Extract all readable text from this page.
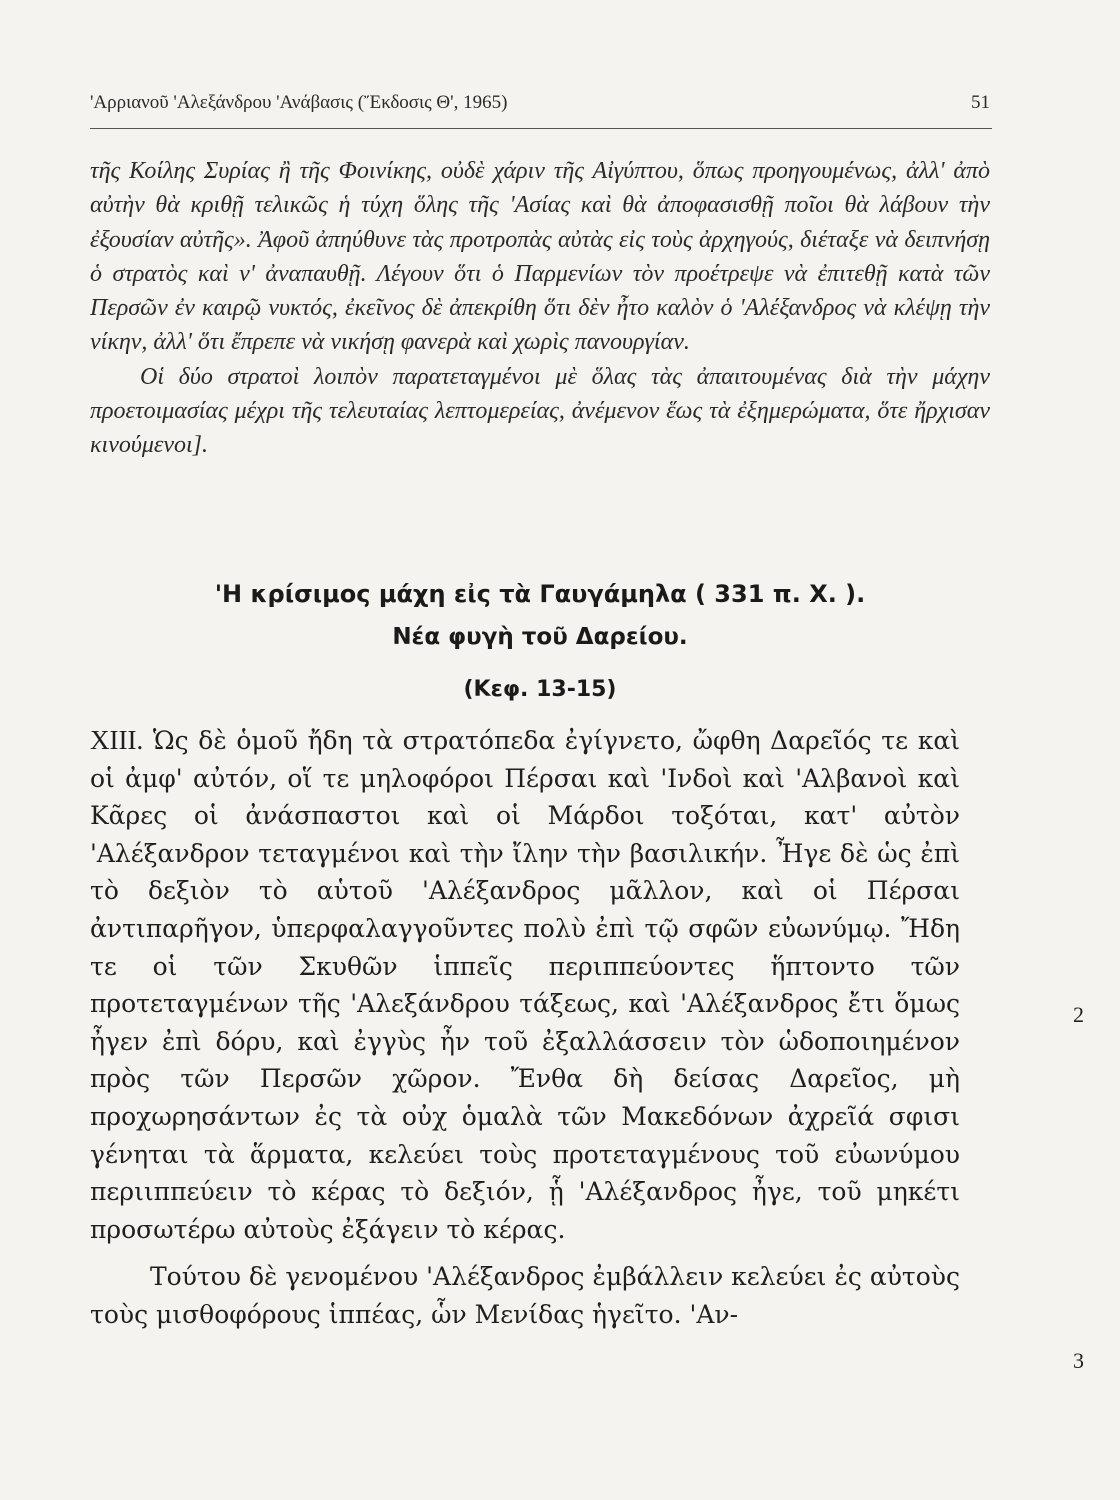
'Αρριανοῦ 'Αλεξάνδρου 'Ανάβασις (Ἔκδοσις Θ', 1965)	51

τῆς Κοίλης Συρίας ἢ τῆς Φοινίκης, οὐδὲ χάριν τῆς Αἰγύπτου, ὅπως προηγουμένως, ἀλλ' ἀπὸ αὐτὴν θὰ κριθῇ τελικῶς ἡ τύχη ὅλης τῆς 'Ασίας καὶ θὰ ἀποφασισθῇ ποῖοι θὰ λάβουν τὴν ἐξουσίαν αὐτῆς». Ἀφοῦ ἀπηύθυνε τὰς προτροπὰς αὐτὰς εἰς τοὺς ἀρχηγούς, διέταξε νὰ δειπνήσῃ ὁ στρατὸς καὶ ν' ἀναπαυθῇ. Λέγουν ὅτι ὁ Παρμενίων τὸν προέτρεψε νὰ ἐπιτεθῇ κατὰ τῶν Περσῶν ἐν καιρῷ νυκτός, ἐκεῖνος δὲ ἀπεκρίθη ὅτι δὲν ἦτο καλὸν ὁ 'Αλέξανδρος νὰ κλέψῃ τὴν νίκην, ἀλλ' ὅτι ἔπρεπε νὰ νικήσῃ φανερὰ καὶ χωρὶς πανουργίαν.

Οἱ δύο στρατοὶ λοιπὸν παρατεταγμένοι μὲ ὅλας τὰς ἀπαιτουμένας διὰ τὴν μάχην προετοιμασίας μέχρι τῆς τελευταίας λεπτομερείας, ἀνέμενον ἕως τὰ ἐξημερώματα, ὅτε ἤρχισαν κινούμενοι].

'Η κρίσιμος μάχη εἰς τὰ Γαυγάμηλα ( 331 π. Χ. ).
Νέα φυγὴ τοῦ Δαρείου.
(Κεφ. 13-15)

XIII. Ὡς δὲ ὁμοῦ ἤδη τὰ στρατόπεδα ἐγίγνετο, ὤφθη Δαρεῖός τε καὶ οἱ ἀμφ' αὐτόν, οἵ τε μηλοφόροι Πέρσαι καὶ 'Ινδοὶ καὶ 'Αλβανοὶ καὶ Κᾶρες οἱ ἀνάσπαστοι καὶ οἱ Μάρδοι τοξόται, κατ' αὐτὸν 'Αλέξανδρον τεταγμένοι καὶ τὴν ἴλην τὴν βασιλικήν. Ἦγε δὲ ὡς ἐπὶ τὸ δεξιὸν τὸ αὑτοῦ 'Αλέξανδρος μᾶλλον, καὶ οἱ Πέρσαι ἀντιπαρῆγον, ὑπερφαλαγγοῦντες πολὺ ἐπὶ τῷ σφῶν εὐωνύμῳ. Ἤδη τε οἱ τῶν Σκυθῶν ἱππεῖς περιππεύοντες ἥπτοντο τῶν προτεταγμένων τῆς 'Αλεξάνδρου τάξεως, καὶ 'Αλέξανδρος ἔτι ὅμως ἦγεν ἐπὶ δόρυ, καὶ ἐγγὺς ἦν τοῦ ἐξαλλάσσειν τὸν ὡδοποιημένον πρὸς τῶν Περσῶν χῶρον. Ἔνθα δὴ δείσας Δαρεῖος, μὴ προχωρησάντων ἐς τὰ οὐχ ὁμαλὰ τῶν Μακεδόνων ἀχρεῖά σφισι γένηται τὰ ἅρματα, κελεύει τοὺς προτεταγμένους τοῦ εὐωνύμου περιιππεύειν τὸ κέρας τὸ δεξιόν, ᾗ 'Αλέξανδρος ἦγε, τοῦ μηκέτι προσωτέρω αὐτοὺς ἐξάγειν τὸ κέρας.

Τούτου δὲ γενομένου 'Αλέξανδρος ἐμβάλλειν κελεύει ἐς αὐτοὺς τοὺς μισθοφόρους ἱππέας, ὧν Μενίδας ἡγεῖτο. 'Αν-

2
3
